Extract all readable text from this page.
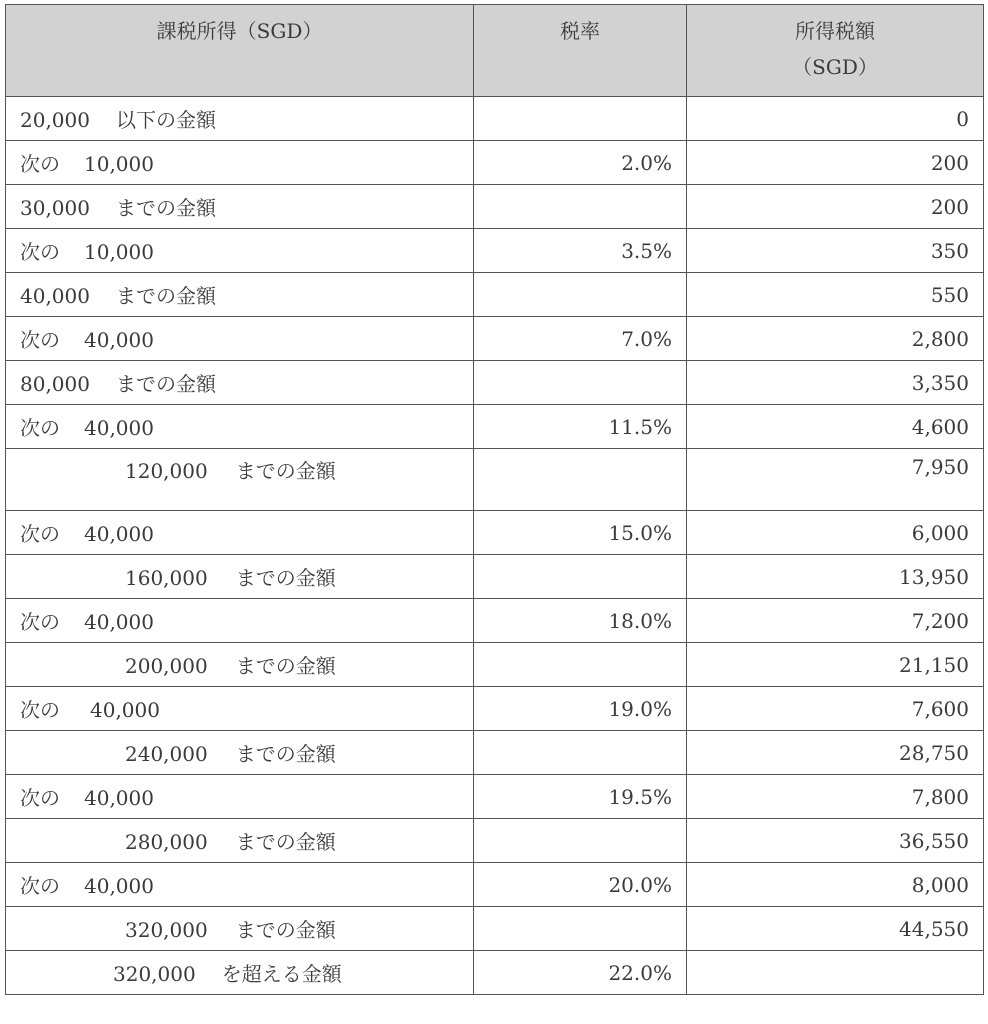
課税所得（SGD）	税率	所得税額
（SGD）
20,000 以下の金額		0
次の 10,000	2.0%	200
30,000 までの金額		200
次の 10,000	3.5%	350
40,000 までの金額		550
次の 40,000	7.0%	2,800
80,000 までの金額		3,350
次の 40,000	11.5%	4,600
120,000 までの金額		7,950
次の 40,000	15.0%	6,000
160,000 までの金額		13,950
次の 40,000	18.0%	7,200
200,000 までの金額		21,150
次の 40,000	19.0%	7,600
240,000 までの金額		28,750
次の 40,000	19.5%	7,800
280,000 までの金額		36,550
次の 40,000	20.0%	8,000
320,000 までの金額		44,550
320,000 を超える金額	22.0%	
